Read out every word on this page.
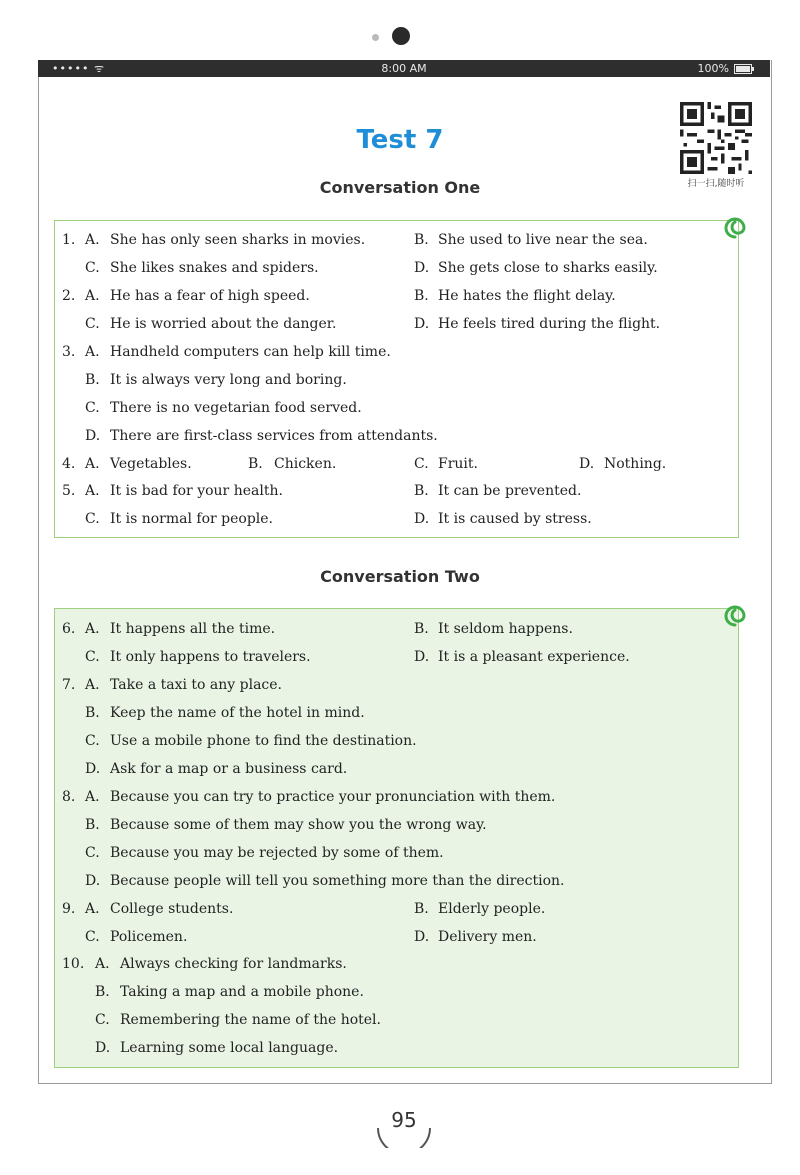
••••• ᯤ	8:00 AM	100%
Test 7
扫一扫,随时听
Conversation One
Conversation Two
1. A. She has only seen sharks in movies.	B. She used to live near the sea.
C. She likes snakes and spiders.	D. She gets close to sharks easily.
2. A. He has a fear of high speed.	B. He hates the flight delay.
C. He is worried about the danger.	D. He feels tired during the flight.
3. A. Handheld computers can help kill time.
B. It is always very long and boring.
C. There is no vegetarian food served.
D. There are first-class services from attendants.
4. A. Vegetables.	B. Chicken.	C. Fruit.	D. Nothing.
5. A. It is bad for your health.	B. It can be prevented.
C. It is normal for people.	D. It is caused by stress.
6. A. It happens all the time.	B. It seldom happens.
C. It only happens to travelers.	D. It is a pleasant experience.
7. A. Take a taxi to any place.
B. Keep the name of the hotel in mind.
C. Use a mobile phone to find the destination.
D. Ask for a map or a business card.
8. A. Because you can try to practice your pronunciation with them.
B. Because some of them may show you the wrong way.
C. Because you may be rejected by some of them.
D. Because people will tell you something more than the direction.
9. A. College students.	B. Elderly people.
C. Policemen.	D. Delivery men.
10. A. Always checking for landmarks.
B. Taking a map and a mobile phone.
C. Remembering the name of the hotel.
D. Learning some local language.
95
